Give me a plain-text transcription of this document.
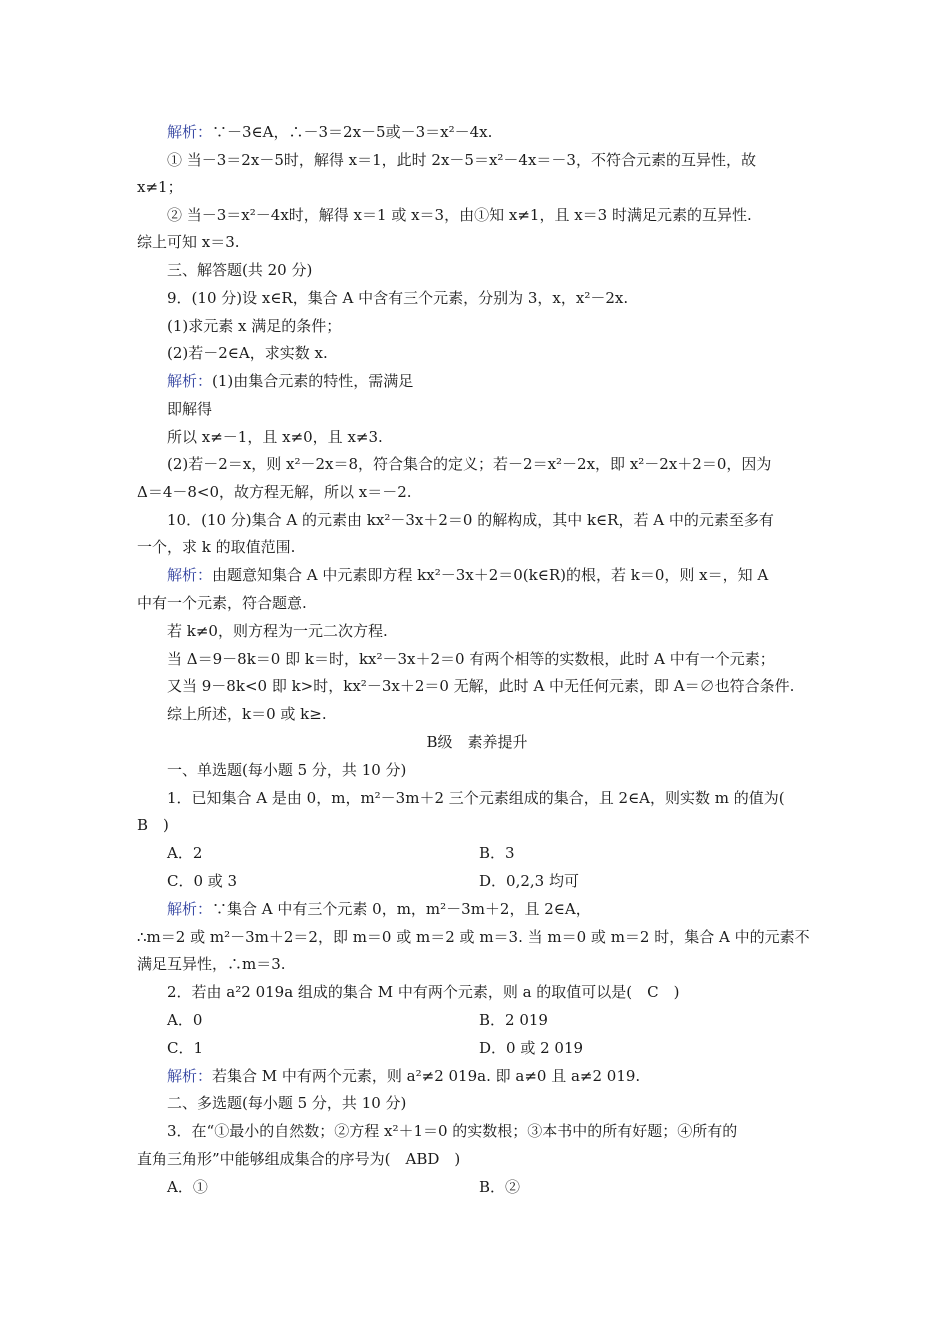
解析：∵－3∈A，∴－3＝2x－5或－3＝x²－4x.
① 当－3＝2x－5时，解得 x＝1，此时 2x－5＝x²－4x＝－3，不符合元素的互异性，故
x≠1；
② 当－3＝x²－4x时，解得 x＝1 或 x＝3，由①知 x≠1，且 x＝3 时满足元素的互异性.
综上可知 x＝3.
三、解答题(共 20 分)
9．(10 分)设 x∈R，集合 A 中含有三个元素，分别为 3，x，x²－2x.
(1)求元素 x 满足的条件；
(2)若－2∈A，求实数 x.
解析：(1)由集合元素的特性，需满足
即解得
所以 x≠－1，且 x≠0，且 x≠3.
(2)若－2＝x，则 x²－2x＝8，符合集合的定义；若－2＝x²－2x，即 x²－2x＋2＝0，因为
Δ＝4－8<0，故方程无解，所以 x＝－2.
10．(10 分)集合 A 的元素由 kx²－3x＋2＝0 的解构成，其中 k∈R，若 A 中的元素至多有
一个，求 k 的取值范围.
解析：由题意知集合 A 中元素即方程 kx²－3x＋2＝0(k∈R)的根，若 k＝0，则 x＝，知 A
中有一个元素，符合题意.
若 k≠0，则方程为一元二次方程.
当 Δ＝9－8k＝0 即 k＝时，kx²－3x＋2＝0 有两个相等的实数根，此时 A 中有一个元素；
又当 9－8k<0 即 k>时，kx²－3x＋2＝0 无解，此时 A 中无任何元素，即 A＝∅也符合条件.
综上所述，k＝0 或 k≥.
B级　素养提升
一、单选题(每小题 5 分，共 10 分)
1．已知集合 A 是由 0，m，m²－3m＋2 三个元素组成的集合，且 2∈A，则实数 m 的值为(
B　)
A．2	B．3
C．0 或 3	D．0,2,3 均可
解析：∵集合 A 中有三个元素 0，m，m²－3m＋2，且 2∈A，
∴m＝2 或 m²－3m＋2＝2，即 m＝0 或 m＝2 或 m＝3. 当 m＝0 或 m＝2 时，集合 A 中的元素不
满足互异性，∴m＝3.
2．若由 a²2 019a 组成的集合 M 中有两个元素，则 a 的取值可以是(　C　)
A．0	B．2 019
C．1	D．0 或 2 019
解析：若集合 M 中有两个元素，则 a²≠2 019a. 即 a≠0 且 a≠2 019.
二、多选题(每小题 5 分，共 10 分)
3．在“①最小的自然数；②方程 x²＋1＝0 的实数根；③本书中的所有好题；④所有的
直角三角形”中能够组成集合的序号为(　ABD　)
A．①	B．②
